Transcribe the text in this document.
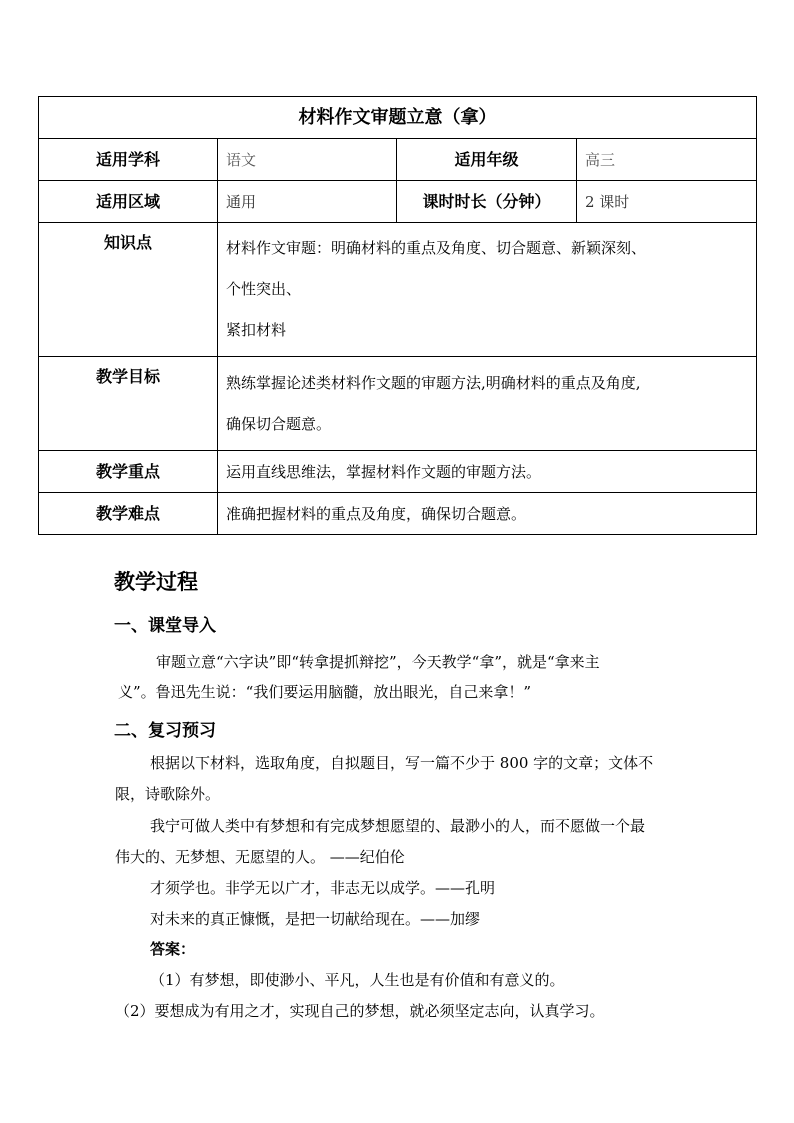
材料作文审题立意（拿）			
适用学科	语文	适用年级	高三
适用区域	通用	课时时长（分钟）	2 课时
知识点	材料作文审题：明确材料的重点及角度、切合题意、新颖深刻、
个性突出、
紧扣材料		

教学目标	熟练掌握论述类材料作文题的审题方法,明确材料的重点及角度,
确保切合题意。		

教学重点	运用直线思维法，掌握材料作文题的审题方法。		
教学难点	准确把握材料的重点及角度，确保切合题意。		
教学过程
一、课堂导入

审题立意“六字诀”即“转拿提抓辩挖”，今天教学“拿”，就是“拿来主

义”。鲁迅先生说：“我们要运用脑髓，放出眼光，自己来拿！”

二、复习预习

根据以下材料，选取角度，自拟题目，写一篇不少于 800 字的文章；文体不

限，诗歌除外。

我宁可做人类中有梦想和有完成梦想愿望的、最渺小的人，而不愿做一个最

伟大的、无梦想、无愿望的人。 ——纪伯伦

才须学也。非学无以广才，非志无以成学。——孔明

对未来的真正慷慨，是把一切献给现在。——加缪

答案：

（1）有梦想，即使渺小、平凡，人生也是有价值和有意义的。

（2）要想成为有用之才，实现自己的梦想，就必须坚定志向，认真学习。
